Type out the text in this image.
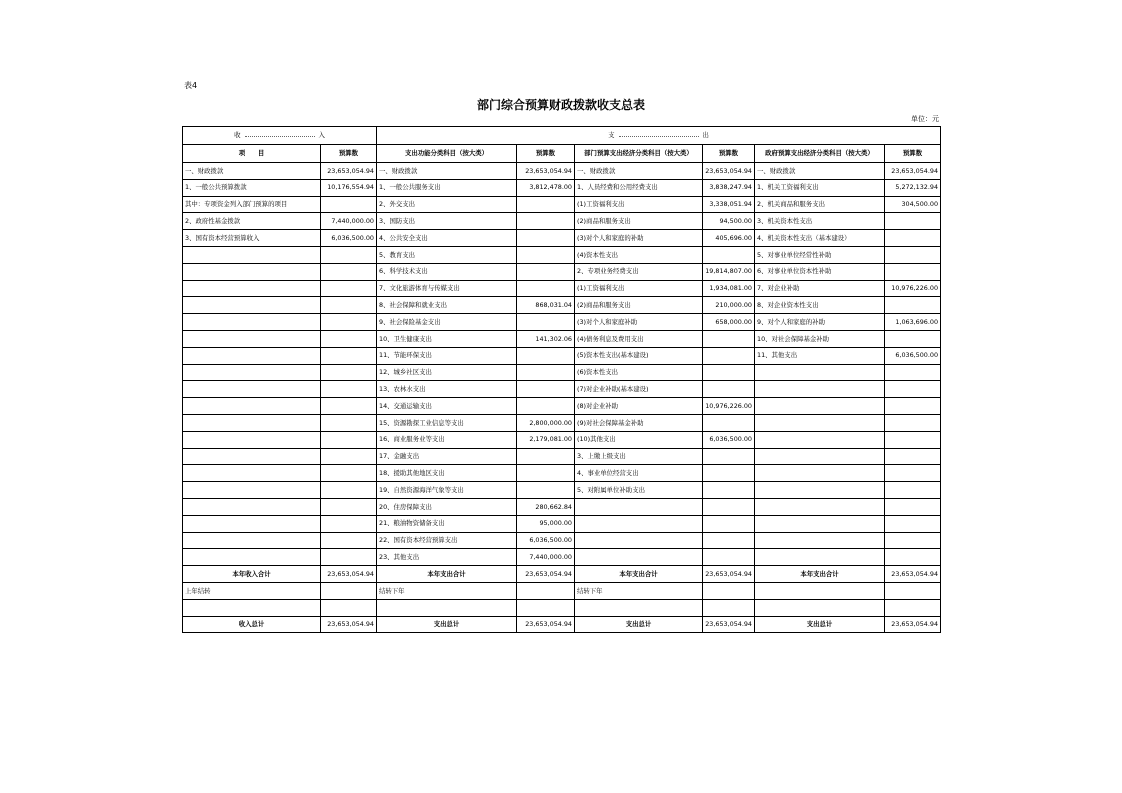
表4
部门综合预算财政拨款收支总表
单位：元
收 入		支 出					

项　　目	预算数	支出功能分类科目（按大类）	预算数	部门预算支出经济分类科目（按大类）	预算数	政府预算支出经济分类科目（按大类）	预算数
一、财政拨款	23,653,054.94	一、财政拨款	23,653,054.94	一、财政拨款	23,653,054.94	一、财政拨款	23,653,054.94
1、一般公共预算拨款	10,176,554.94	1、一般公共服务支出	3,812,478.00	1、人员经费和公用经费支出	3,838,247.94	1、机关工资福利支出	5,272,132.94
其中：专项资金列入部门预算的项目		2、外交支出		(1)工资福利支出	3,338,051.94	2、机关商品和服务支出	304,500.00
2、政府性基金拨款	7,440,000.00	3、国防支出		(2)商品和服务支出	94,500.00	3、机关资本性支出	
3、国有资本经营预算收入	6,036,500.00	4、公共安全支出		(3)对个人和家庭的补助	405,696.00	4、机关资本性支出（基本建设）	
		5、教育支出		(4)资本性支出		5、对事业单位经常性补助	
		6、科学技术支出		2、专项业务经费支出	19,814,807.00	6、对事业单位资本性补助	
		7、文化旅游体育与传媒支出		(1)工资福利支出	1,934,081.00	7、对企业补助	10,976,226.00
		8、社会保障和就业支出	868,031.04	(2)商品和服务支出	210,000.00	8、对企业资本性支出	
		9、社会保险基金支出		(3)对个人和家庭补助	658,000.00	9、对个人和家庭的补助	1,063,696.00
		10、卫生健康支出	141,302.06	(4)债务利息及费用支出		10、对社会保障基金补助	
		11、节能环保支出		(5)资本性支出(基本建设)		11、其他支出	6,036,500.00
		12、城乡社区支出		(6)资本性支出			
		13、农林水支出		(7)对企业补助(基本建设)			
		14、交通运输支出		(8)对企业补助	10,976,226.00		
		15、资源勘探工业信息等支出	2,800,000.00	(9)对社会保障基金补助			
		16、商业服务业等支出	2,179,081.00	(10)其他支出	6,036,500.00		
		17、金融支出		3、上缴上级支出			
		18、援助其他地区支出		4、事业单位经营支出			
		19、自然资源海洋气象等支出		5、对附属单位补助支出			
		20、住房保障支出	280,662.84				
		21、粮油物资储备支出	95,000.00				
		22、国有资本经营预算支出	6,036,500.00				
		23、其他支出	7,440,000.00				
本年收入合计	23,653,054.94	本年支出合计	23,653,054.94	本年支出合计	23,653,054.94	本年支出合计	23,653,054.94
上年结转		结转下年		结转下年			

收入总计	23,653,054.94	支出总计	23,653,054.94	支出总计	23,653,054.94	支出总计	23,653,054.94
